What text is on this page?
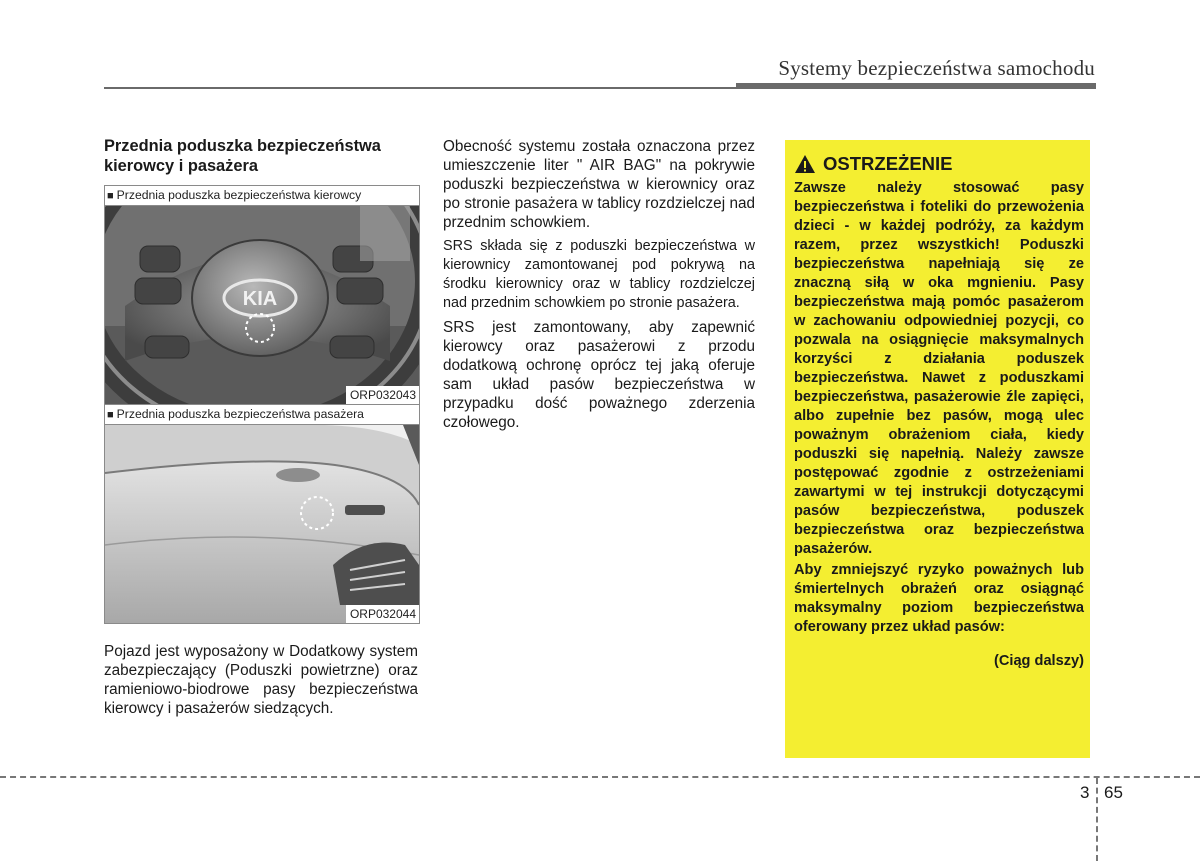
Systemy bezpieczeństwa samochodu
Przednia poduszka bezpieczeństwa kierowcy i pasażera
■ Przednia poduszka bezpieczeństwa kierowcy
KIA
ORP032043
■ Przednia poduszka bezpieczeństwa pasażera
ORP032044

Pojazd jest wyposażony w Dodatkowy system zabezpieczający (Poduszki powietrzne) oraz ramieniowo-biodrowe pasy bezpieczeństwa kierowcy i pasażerów siedzących.

Obecność systemu została oznaczona przez umieszczenie liter " AIR BAG" na pokrywie poduszki bezpieczeństwa w kierownicy oraz po stronie pasażera w tablicy rozdzielczej nad przednim schowkiem.

SRS składa się z poduszki bezpieczeństwa w kierownicy zamontowanej pod pokrywą na środku kierownicy oraz w tablicy rozdzielczej nad przednim schowkiem po stronie pasażera.

SRS jest zamontowany, aby zapewnić kierowcy oraz pasażerowi z przodu dodatkową ochronę oprócz tej jaką oferuje sam układ pasów bezpieczeństwa w przypadku dość poważnego zderzenia czołowego.

OSTRZEŻENIE

Zawsze należy stosować pasy bezpieczeństwa i foteliki do przewożenia dzieci - w każdej podróży, za każdym razem, przez wszystkich! Poduszki bezpieczeństwa napełniają się ze znaczną siłą w oka mgnieniu. Pasy bezpieczeństwa mają pomóc pasażerom w zachowaniu odpowiedniej pozycji, co pozwala na osiągnięcie maksymalnych korzyści z działania poduszek bezpieczeństwa. Nawet z poduszkami bezpieczeństwa, pasażerowie źle zapięci, albo zupełnie bez pasów, mogą ulec poważnym obrażeniom ciała, kiedy poduszki się napełnią. Należy zawsze postępować zgodnie z ostrzeżeniami zawartymi w tej instrukcji dotyczącymi pasów bezpieczeństwa, poduszek bezpieczeństwa oraz bezpieczeństwa pasażerów.

Aby zmniejszyć ryzyko poważnych lub śmiertelnych obrażeń oraz osiągnąć maksymalny poziom bezpieczeństwa oferowany przez układ pasów:

(Ciąg dalszy)
3 65
